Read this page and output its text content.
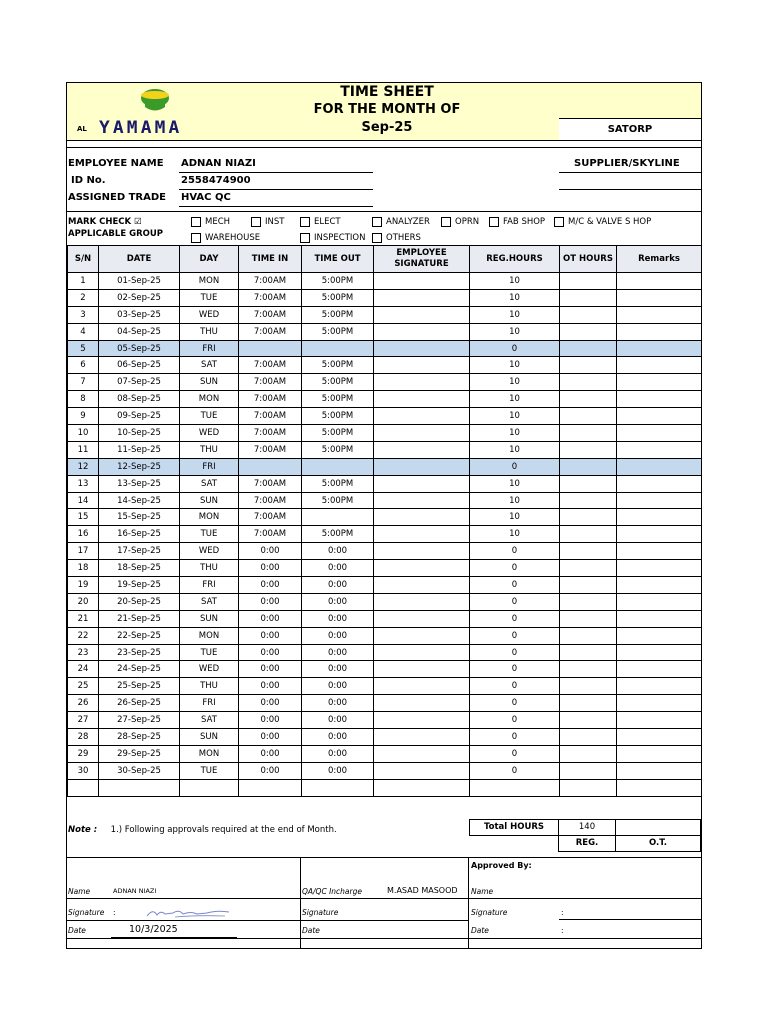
AL YAMAMA
TIME SHEET
FOR THE MONTH OF
Sep-25	SATORP
EMPLOYEE NAME ADNAN NIAZI
ID No.	2558474900
ASSIGNED TRADE HVAC QC
SUPPLIER/SKYLINE
MARK CHECK ☑
APPLICABLE GROUP
MECH	INST	ELECT	ANALYZER	OPRN	FAB SHOP	M/C & VALVE S HOP
WAREHOUSE	INSPECTION OTHERS
S/N	DATE	DAY	TIME IN	TIME OUT	EMPLOYEE SIGNATURE	REG.HOURS	OT HOURS	Remarks
1	01-Sep-25	MON	7:00AM	5:00PM		10		
2	02-Sep-25	TUE	7:00AM	5:00PM		10		
3	03-Sep-25	WED	7:00AM	5:00PM		10		
4	04-Sep-25	THU	7:00AM	5:00PM		10		
5	05-Sep-25	FRI				0		
6	06-Sep-25	SAT	7:00AM	5:00PM		10		
7	07-Sep-25	SUN	7:00AM	5:00PM		10		
8	08-Sep-25	MON	7:00AM	5:00PM		10		
9	09-Sep-25	TUE	7:00AM	5:00PM		10		
10	10-Sep-25	WED	7:00AM	5:00PM		10		
11	11-Sep-25	THU	7:00AM	5:00PM		10		
12	12-Sep-25	FRI				0		
13	13-Sep-25	SAT	7:00AM	5:00PM		10		
14	14-Sep-25	SUN	7:00AM	5:00PM		10		
15	15-Sep-25	MON	7:00AM			10		
16	16-Sep-25	TUE	7:00AM	5:00PM		10		
17	17-Sep-25	WED	0:00	0:00		0		
18	18-Sep-25	THU	0:00	0:00		0		
19	19-Sep-25	FRI	0:00	0:00		0		
20	20-Sep-25	SAT	0:00	0:00		0		
21	21-Sep-25	SUN	0:00	0:00		0		
22	22-Sep-25	MON	0:00	0:00		0		
23	23-Sep-25	TUE	0:00	0:00		0		
24	24-Sep-25	WED	0:00	0:00		0		
25	25-Sep-25	THU	0:00	0:00		0		
26	26-Sep-25	FRI	0:00	0:00		0		
27	27-Sep-25	SAT	0:00	0:00		0		
28	28-Sep-25	SUN	0:00	0:00		0		
29	29-Sep-25	MON	0:00	0:00		0		
30	30-Sep-25	TUE	0:00	0:00		0		

Note : 1.) Following approvals required at the end of Month.	Total HOURS	140
REG.	O.T.
Name	ADNAN NIAZI
Signature :
Date	10/3/2025
QA/QC Incharge	M.ASAD MASOOD
Signature
Date
Approved By:
Name
Signature	:
Date	:
